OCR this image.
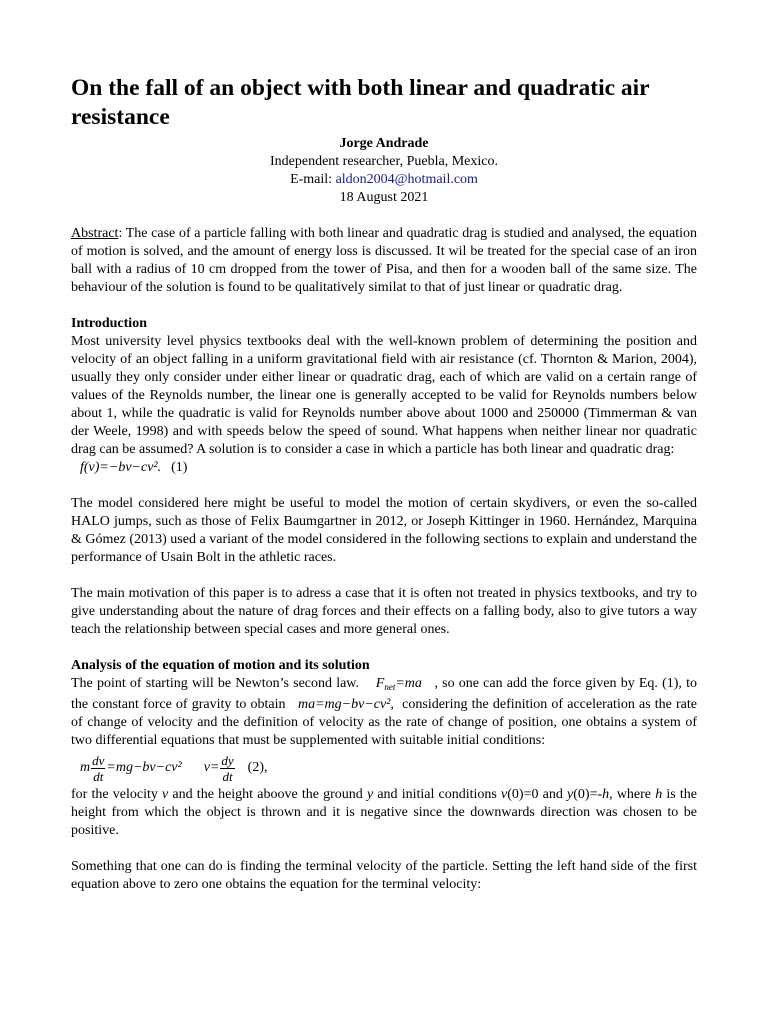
On the fall of an object with both linear and quadratic air resistance
Jorge Andrade
Independent researcher, Puebla, Mexico.
E-mail: aldon2004@hotmail.com
18 August 2021

Abstract: The case of a particle falling with both linear and quadratic drag is studied and analysed, the equation of motion is solved, and the amount of energy loss is discussed. It wil be treated for the special case of an iron ball with a radius of 10 cm dropped from the tower of Pisa, and then for a wooden ball of the same size. The behaviour of the solution is found to be qualitatively similat to that of just linear or quadratic drag.

Introduction

Most university level physics textbooks deal with the well-known problem of determining the position and velocity of an object falling in a uniform gravitational field with air resistance (cf. Thornton & Marion, 2004), usually they only consider under either linear or quadratic drag, each of which are valid on a certain range of values of the Reynolds number, the linear one is generally accepted to be valid for Reynolds numbers below about 1, while the quadratic is valid for Reynolds number above about 1000 and 250000 (Timmerman & van der Weele, 1998) and with speeds below the speed of sound. What happens when neither linear nor quadratic drag can be assumed? A solution is to consider a case in which a particle has both linear and quadratic drag:

f(v)=−bv−cv². (1)

The model considered here might be useful to model the motion of certain skydivers, or even the so-called HALO jumps, such as those of Felix Baumgartner in 2012, or Joseph Kittinger in 1960. Hernández, Marquina & Gómez (2013) used a variant of the model considered in the following sections to explain and understand the performance of Usain Bolt in the athletic races.

The main motivation of this paper is to adress a case that it is often not treated in physics textbooks, and try to give understanding about the nature of drag forces and their effects on a falling body, also to give tutors a way teach the relationship between special cases and more general ones.

Analysis of the equation of motion and its solution

The point of starting will be Newton’s second law. $F_{net}=ma$ , so one can add the force given by Eq. (1), to the constant force of gravity to obtain ma=mg−bv−cv², considering the definition of acceleration as the rate of change of velocity and the definition of velocity as the rate of change of position, one obtains a system of two differential equations that must be supplemented with suitable initial conditions:

m $\frac{dv}{dt} =mg-bv-cv^2$ $v= \frac{dy}{dt} (2)$,

for the velocity v and the height aboove the ground y and initial conditions v(0)=0 and y(0)=-h, where h is the height from which the object is thrown and it is negative since the downwards direction was chosen to be positive.

Something that one can do is finding the terminal velocity of the particle. Setting the left hand side of the first equation above to zero one obtains the equation for the terminal velocity:
